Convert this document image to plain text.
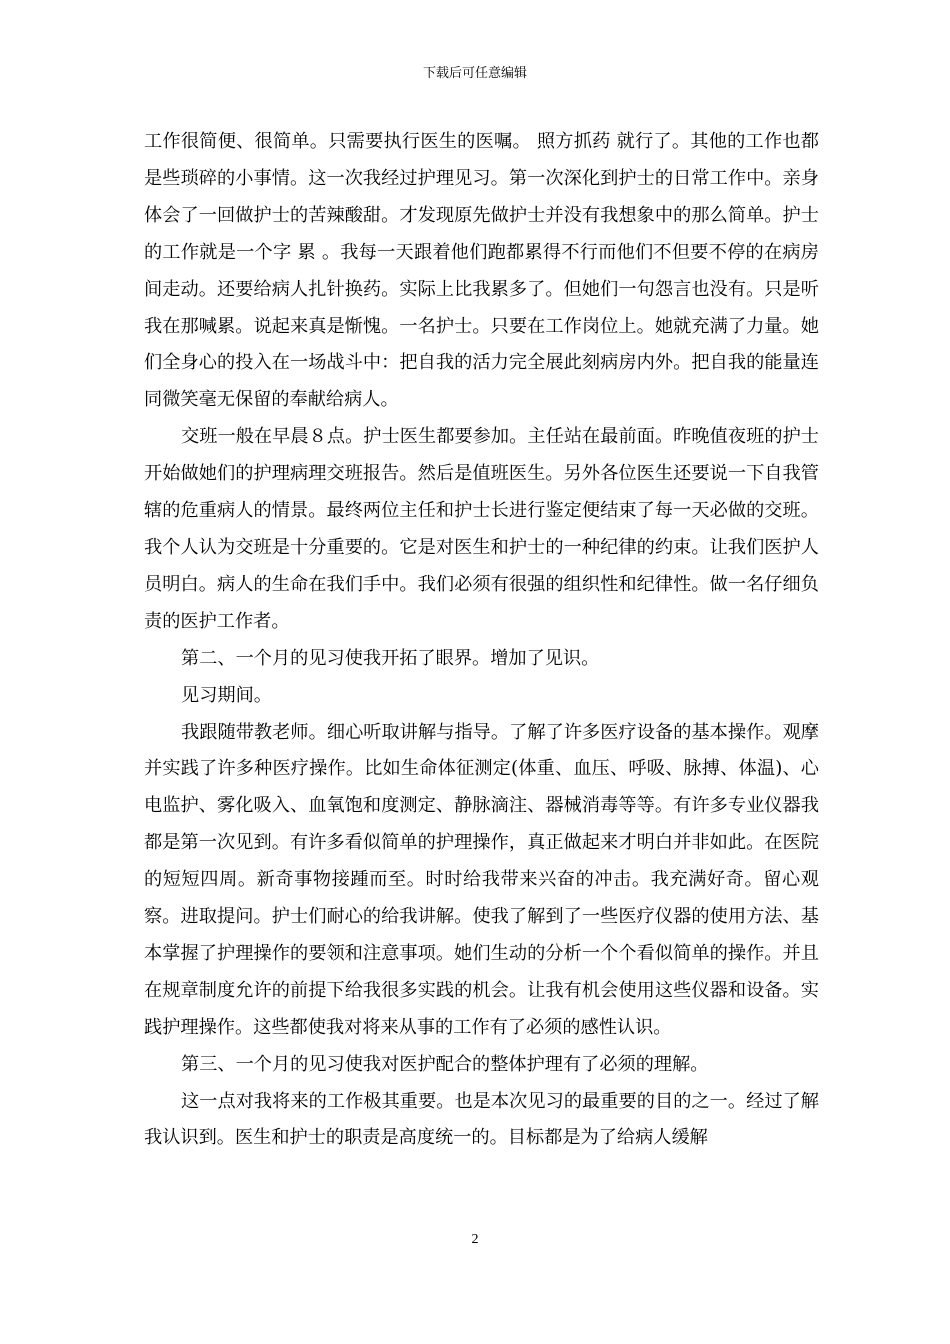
下载后可任意编辑

工作很简便、很简单。只需要执行医生的医嘱。 照方抓药 就行了。其他的工作也都是些琐碎的小事情。这一次我经过护理见习。第一次深化到护士的日常工作中。亲身体会了一回做护士的苦辣酸甜。才发现原先做护士并没有我想象中的那么简单。护士的工作就是一个字 累 。我每一天跟着他们跑都累得不行而他们不但要不停的在病房间走动。还要给病人扎针换药。实际上比我累多了。但她们一句怨言也没有。只是听我在那喊累。说起来真是惭愧。一名护士。只要在工作岗位上。她就充满了力量。她们全身心的投入在一场战斗中：把自我的活力完全展此刻病房内外。把自我的能量连同微笑毫无保留的奉献给病人。

交班一般在早晨８点。护士医生都要参加。主任站在最前面。昨晚值夜班的护士开始做她们的护理病理交班报告。然后是值班医生。另外各位医生还要说一下自我管辖的危重病人的情景。最终两位主任和护士长进行鉴定便结束了每一天必做的交班。我个人认为交班是十分重要的。它是对医生和护士的一种纪律的约束。让我们医护人员明白。病人的生命在我们手中。我们必须有很强的组织性和纪律性。做一名仔细负责的医护工作者。

第二、一个月的见习使我开拓了眼界。增加了见识。

见习期间。

我跟随带教老师。细心听取讲解与指导。了解了许多医疗设备的基本操作。观摩并实践了许多种医疗操作。比如生命体征测定(体重、血压、呼吸、脉搏、体温)、心电监护、雾化吸入、血氧饱和度测定、静脉滴注、器械消毒等等。有许多专业仪器我都是第一次见到。有许多看似简单的护理操作，真正做起来才明白并非如此。在医院的短短四周。新奇事物接踵而至。时时给我带来兴奋的冲击。我充满好奇。留心观察。进取提问。护士们耐心的给我讲解。使我了解到了一些医疗仪器的使用方法、基本掌握了护理操作的要领和注意事项。她们生动的分析一个个看似简单的操作。并且在规章制度允许的前提下给我很多实践的机会。让我有机会使用这些仪器和设备。实践护理操作。这些都使我对将来从事的工作有了必须的感性认识。

第三、一个月的见习使我对医护配合的整体护理有了必须的理解。

这一点对我将来的工作极其重要。也是本次见习的最重要的目的之一。经过了解我认识到。医生和护士的职责是高度统一的。目标都是为了给病人缓解

2
